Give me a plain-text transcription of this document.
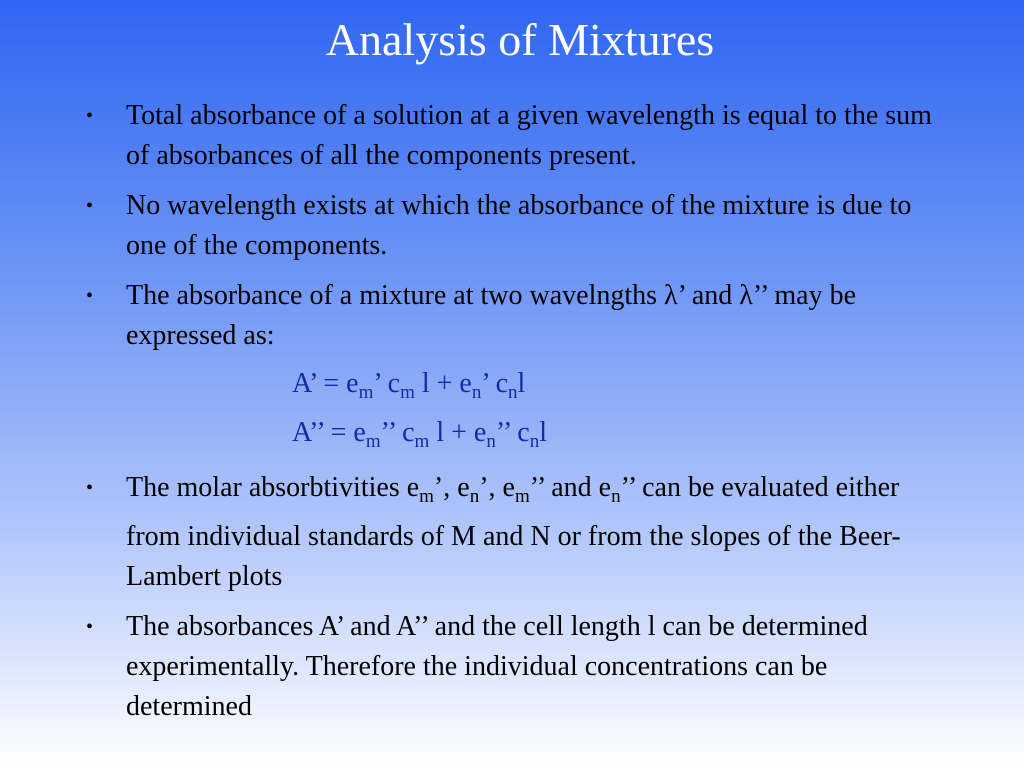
Analysis of Mixtures
• Total absorbance of a solution at a given wavelength is equal to the sum of absorbances of all the components present.
• No wavelength exists at which the absorbance of the mixture is due to one of the components.
• The absorbance of a mixture at two wavelngths λ’ and λ’’ may be expressed as:
A’ = $e_m$’ $c_m$ $l + e_n$’ $c_nl$
A’’ = $e_m$’’ $c_m$ $l + e_n$’’ $c_nl$
• The molar absorbtivities $e_m$’, $e_n$’, $e_m$’’ and $e_n$’’ can be evaluated either from individual standards of M and N or from the slopes of the Beer-Lambert plots
• The absorbances A’ and A’’ and the cell length l can be determined experimentally. Therefore the individual concentrations can be determined
